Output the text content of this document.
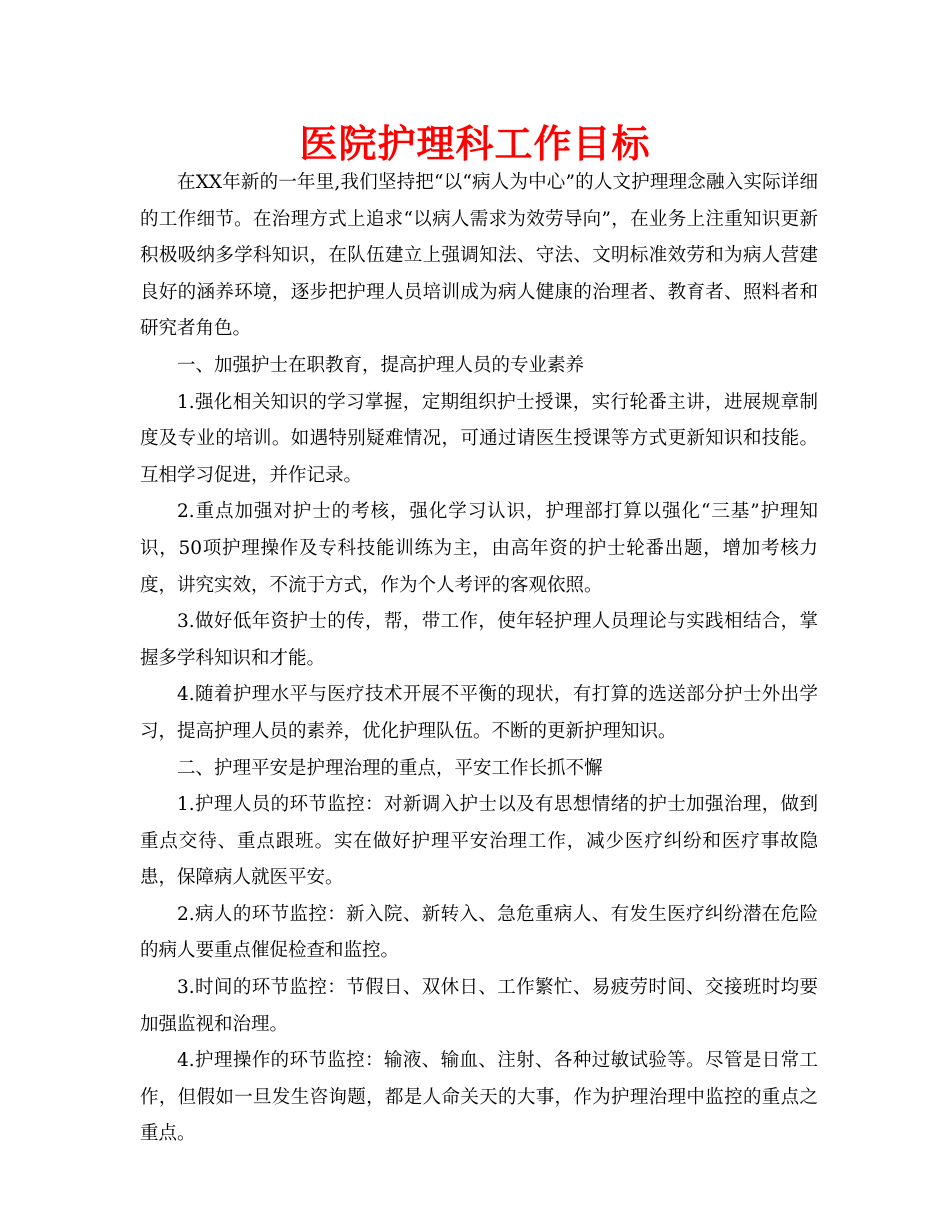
医院护理科工作目标

在XX年新的一年里,我们坚持把“以“病人为中心”的人文护理理念融入实际详细的工作细节。在治理方式上追求“以病人需求为效劳导向”，在业务上注重知识更新积极吸纳多学科知识，在队伍建立上强调知法、守法、文明标准效劳和为病人营建良好的涵养环境，逐步把护理人员培训成为病人健康的治理者、教育者、照料者和研究者角色。

一、加强护士在职教育，提高护理人员的专业素养

1.强化相关知识的学习掌握，定期组织护士授课，实行轮番主讲，进展规章制度及专业的培训。如遇特别疑难情况，可通过请医生授课等方式更新知识和技能。互相学习促进，并作记录。

2.重点加强对护士的考核，强化学习认识，护理部打算以强化“三基”护理知识，50项护理操作及专科技能训练为主，由高年资的护士轮番出题，增加考核力度，讲究实效，不流于方式，作为个人考评的客观依照。

3.做好低年资护士的传，帮，带工作，使年轻护理人员理论与实践相结合，掌握多学科知识和才能。

4.随着护理水平与医疗技术开展不平衡的现状，有打算的选送部分护士外出学习，提高护理人员的素养，优化护理队伍。不断的更新护理知识。

二、护理平安是护理治理的重点，平安工作长抓不懈

1.护理人员的环节监控：对新调入护士以及有思想情绪的护士加强治理，做到重点交待、重点跟班。实在做好护理平安治理工作，减少医疗纠纷和医疗事故隐患，保障病人就医平安。

2.病人的环节监控：新入院、新转入、急危重病人、有发生医疗纠纷潜在危险的病人要重点催促检查和监控。

3.时间的环节监控：节假日、双休日、工作繁忙、易疲劳时间、交接班时均要加强监视和治理。

4.护理操作的环节监控：输液、输血、注射、各种过敏试验等。尽管是日常工作，但假如一旦发生咨询题，都是人命关天的大事，作为护理治理中监控的重点之重点。
